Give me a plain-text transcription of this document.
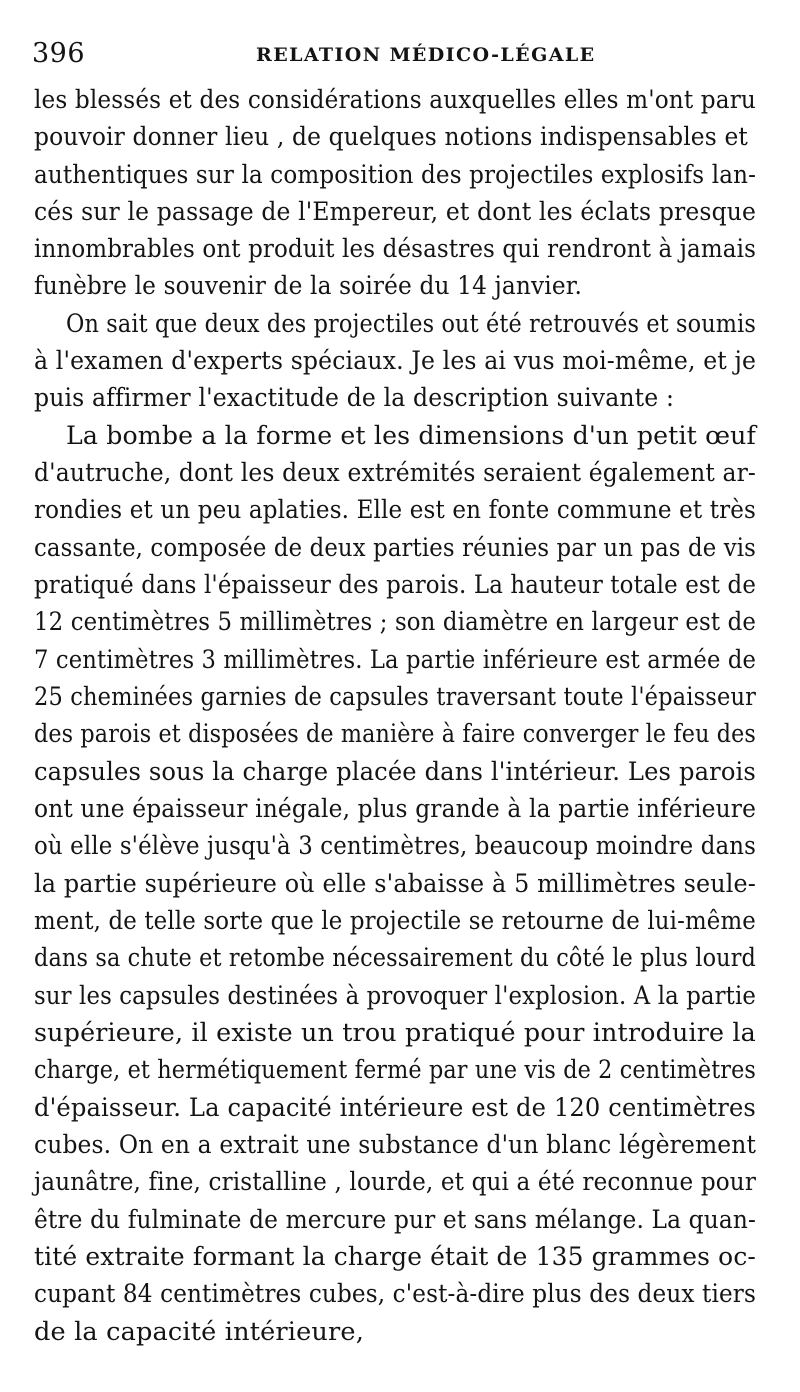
396	RELATION MÉDICO-LÉGALE
les blessés et des considérations auxquelles elles m'ont paru
pouvoir donner lieu , de quelques notions indispensables et
authentiques sur la composition des projectiles explosifs lan-
cés sur le passage de l'Empereur, et dont les éclats presque
innombrables ont produit les désastres qui rendront à jamais
funèbre le souvenir de la soirée du 14 janvier.
On sait que deux des projectiles out été retrouvés et soumis
à l'examen d'experts spéciaux. Je les ai vus moi-même, et je
puis affirmer l'exactitude de la description suivante :
La bombe a la forme et les dimensions d'un petit œuf
d'autruche, dont les deux extrémités seraient également ar-
rondies et un peu aplaties. Elle est en fonte commune et très
cassante, composée de deux parties réunies par un pas de vis
pratiqué dans l'épaisseur des parois. La hauteur totale est de
12 centimètres 5 millimètres ; son diamètre en largeur est de
7 centimètres 3 millimètres. La partie inférieure est armée de
25 cheminées garnies de capsules traversant toute l'épaisseur
des parois et disposées de manière à faire converger le feu des
capsules sous la charge placée dans l'intérieur. Les parois
ont une épaisseur inégale, plus grande à la partie inférieure
où elle s'élève jusqu'à 3 centimètres, beaucoup moindre dans
la partie supérieure où elle s'abaisse à 5 millimètres seule-
ment, de telle sorte que le projectile se retourne de lui-même
dans sa chute et retombe nécessairement du côté le plus lourd
sur les capsules destinées à provoquer l'explosion. A la partie
supérieure, il existe un trou pratiqué pour introduire la
charge, et hermétiquement fermé par une vis de 2 centimètres
d'épaisseur. La capacité intérieure est de 120 centimètres
cubes. On en a extrait une substance d'un blanc légèrement
jaunâtre, fine, cristalline , lourde, et qui a été reconnue pour
être du fulminate de mercure pur et sans mélange. La quan-
tité extraite formant la charge était de 135 grammes oc-
cupant 84 centimètres cubes, c'est-à-dire plus des deux tiers
de la capacité intérieure,
